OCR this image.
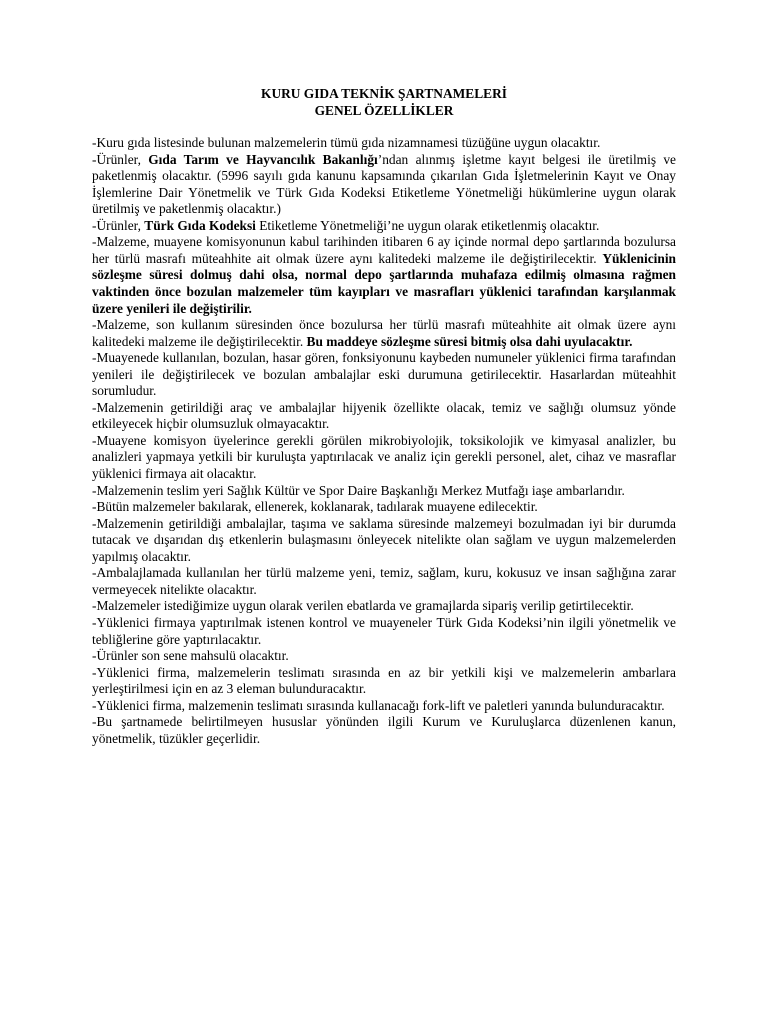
KURU GIDA TEKNİK ŞARTNAMELERİ

GENEL ÖZELLİKLER

-Kuru gıda listesinde bulunan malzemelerin tümü gıda nizamnamesi tüzüğüne uygun olacaktır.

-Ürünler, Gıda Tarım ve Hayvancılık Bakanlığı’ndan alınmış işletme kayıt belgesi ile üretilmiş ve paketlenmiş olacaktır. (5996 sayılı gıda kanunu kapsamında çıkarılan Gıda İşletmelerinin Kayıt ve Onay İşlemlerine Dair Yönetmelik ve Türk Gıda Kodeksi Etiketleme Yönetmeliği hükümlerine uygun olarak üretilmiş ve paketlenmiş olacaktır.)

-Ürünler, Türk Gıda Kodeksi Etiketleme Yönetmeliği’ne uygun olarak etiketlenmiş olacaktır.

-Malzeme, muayene komisyonunun kabul tarihinden itibaren 6 ay içinde normal depo şartlarında bozulursa her türlü masrafı müteahhite ait olmak üzere aynı kalitedeki malzeme ile değiştirilecektir. Yüklenicinin sözleşme süresi dolmuş dahi olsa, normal depo şartlarında muhafaza edilmiş olmasına rağmen vaktinden önce bozulan malzemeler tüm kayıpları ve masrafları yüklenici tarafından karşılanmak üzere yenileri ile değiştirilir.

-Malzeme, son kullanım süresinden önce bozulursa her türlü masrafı müteahhite ait olmak üzere aynı kalitedeki malzeme ile değiştirilecektir. Bu maddeye sözleşme süresi bitmiş olsa dahi uyulacaktır.

-Muayenede kullanılan, bozulan, hasar gören, fonksiyonunu kaybeden numuneler yüklenici firma tarafından yenileri ile değiştirilecek ve bozulan ambalajlar eski durumuna getirilecektir. Hasarlardan müteahhit sorumludur.

-Malzemenin getirildiği araç ve ambalajlar hijyenik özellikte olacak, temiz ve sağlığı olumsuz yönde etkileyecek hiçbir olumsuzluk olmayacaktır.

-Muayene komisyon üyelerince gerekli görülen mikrobiyolojik, toksikolojik ve kimyasal analizler, bu analizleri yapmaya yetkili bir kuruluşta yaptırılacak ve analiz için gerekli personel, alet, cihaz ve masraflar yüklenici firmaya ait olacaktır.

-Malzemenin teslim yeri Sağlık Kültür ve Spor Daire Başkanlığı Merkez Mutfağı iaşe ambarlarıdır.

-Bütün malzemeler bakılarak, ellenerek, koklanarak, tadılarak muayene edilecektir.

-Malzemenin getirildiği ambalajlar, taşıma ve saklama süresinde malzemeyi bozulmadan iyi bir durumda tutacak ve dışarıdan dış etkenlerin bulaşmasını önleyecek nitelikte olan sağlam ve uygun malzemelerden yapılmış olacaktır.

-Ambalajlamada kullanılan her türlü malzeme yeni, temiz, sağlam, kuru, kokusuz ve insan sağlığına zarar vermeyecek nitelikte olacaktır.

-Malzemeler istediğimize uygun olarak verilen ebatlarda ve gramajlarda sipariş verilip getirtilecektir.

-Yüklenici firmaya yaptırılmak istenen kontrol ve muayeneler Türk Gıda Kodeksi’nin ilgili yönetmelik ve tebliğlerine göre yaptırılacaktır.

-Ürünler son sene mahsulü olacaktır.

-Yüklenici firma, malzemelerin teslimatı sırasında en az bir yetkili kişi ve malzemelerin ambarlara yerleştirilmesi için en az 3 eleman bulunduracaktır.

-Yüklenici firma, malzemenin teslimatı sırasında kullanacağı fork-lift ve paletleri yanında bulunduracaktır.

-Bu şartnamede belirtilmeyen hususlar yönünden ilgili Kurum ve Kuruluşlarca düzenlenen kanun, yönetmelik, tüzükler geçerlidir.
